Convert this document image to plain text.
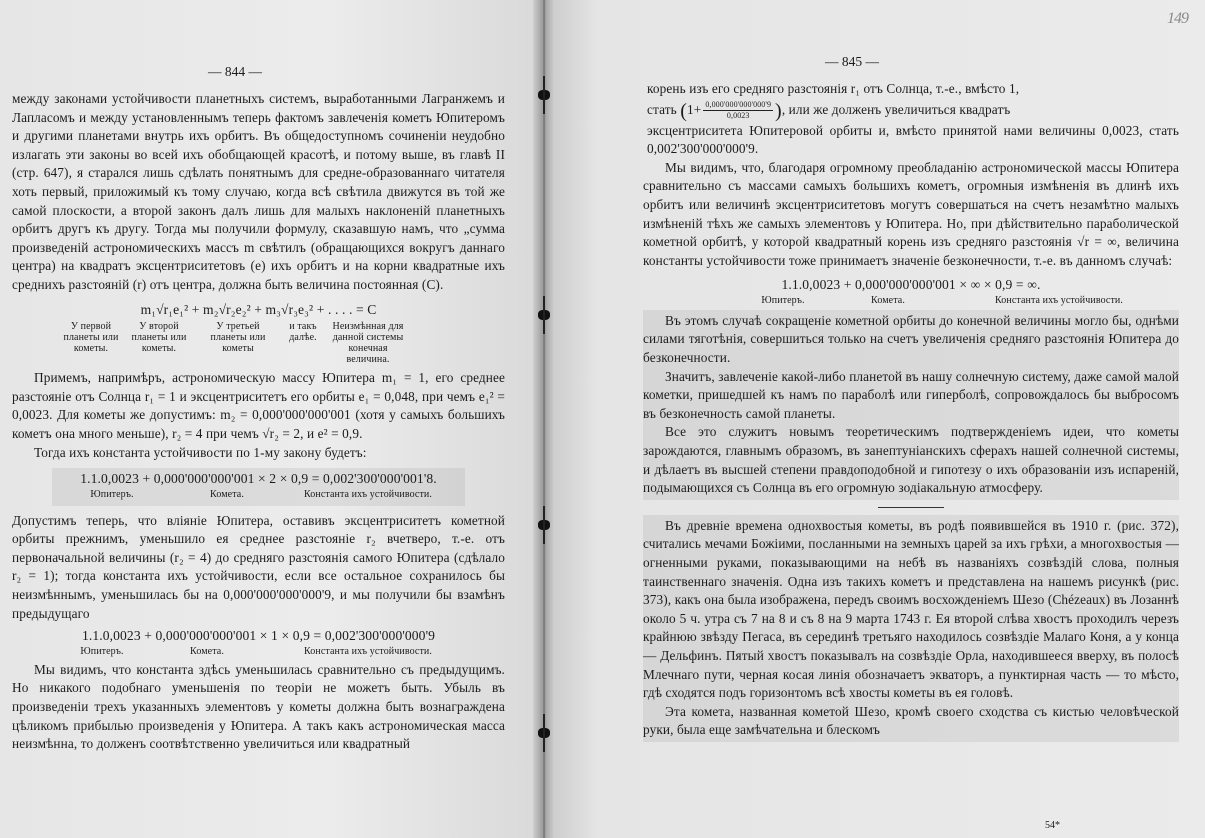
— 844 —

между законами устойчивости планетныхъ системъ, выработанными Лагранжемъ и Лапласомъ и между установленнымъ теперь фактомъ завлеченія кометъ Юпитеромъ и другими планетами внутрь ихъ орбитъ. Въ общедоступномъ сочиненіи неудобно излагать эти законы во всей ихъ обобщающей красотѣ, и потому выше, въ главѣ II (стр. 647), я старался лишь сдѣлать понятнымъ для средне-образованнаго читателя хоть первый, приложимый къ тому случаю, когда всѣ свѣтила движутся въ той же самой плоскости, а второй законъ далъ лишь для малыхъ наклоненій планетныхъ орбитъ другъ къ другу. Тогда мы получили формулу, сказавшую намъ, что „сумма произведеній астрономическихъ массъ m свѣтилъ (обращающихся вокругъ даннаго центра) на квадратъ эксцентриситетовъ (e) ихъ орбитъ и на корни квадратные ихъ среднихъ разстояній (r) отъ центра, должна быть величина постоянная (C).

m₁√r₁e₁² + m₂√r₂e₂² + m₃√r₃e₃² + . . . . = C
У первой планеты или кометы.
У второй планеты или кометы.
У третьей планеты или кометы
и такъ далѣе.
Неизмѣнная для данной системы конечная величина.

Примемъ, напримѣръ, астрономическую массу Юпитера m₁ = 1, его среднее разстояніе отъ Солнца r₁ = 1 и эксцентриситетъ его орбиты e₁ = 0,048, при чемъ e₁² = 0,0023. Для кометы же допустимъ: m₂ = 0,000'000'000'001 (хотя у самыхъ большихъ кометъ она много меньше), r₂ = 4 при чемъ √r₂ = 2, и e² = 0,9.

Тогда ихъ константа устойчивости по 1-му закону будетъ:

1.1.0,0023 + 0,000'000'000'001 × 2 × 0,9 = 0,002'300'000'001'8.
Юпитеръ.	Комета.	Константа ихъ устойчивости.

Допустимъ теперь, что вліяніе Юпитера, оставивъ эксцентриситетъ кометной орбиты прежнимъ, уменьшило ея среднее разстояніе r₂ вчетверо, т.-е. отъ первоначальной величины (r₂ = 4) до средняго разстоянія самого Юпитера (сдѣлало r₂ = 1); тогда константа ихъ устойчивости, если все остальное сохранилось бы неизмѣннымъ, уменьшилась бы на 0,000'000'000'000'9, и мы получили бы взамѣнъ предыдущаго

1.1.0,0023 + 0,000'000'000'001 × 1 × 0,9 = 0,002'300'000'000'9
Юпитеръ.	Комета.	Константа ихъ устойчивости.

Мы видимъ, что константа здѣсь уменьшилась сравнительно съ предыдущимъ. Но никакого подобнаго уменьшенія по теоріи не можетъ быть. Убыль въ произведеніи трехъ указанныхъ элементовъ у кометы должна быть вознаграждена цѣликомъ прибылью произведенія у Юпитера. А такъ какъ астрономическая масса неизмѣнна, то долженъ соотвѣтственно увеличиться или квадратный

— 845 —
149

корень изъ его средняго разстоянія r₁ отъ Солнца, т.-е., вмѣсто 1,

стать ($1+ \frac{0,000'000'000'000'9}{0,0023}$ ), или же долженъ увеличиться квадратъ

эксцентриситета Юпитеровой орбиты и, вмѣсто принятой нами величины 0,0023, стать 0,002'300'000'000'9.

Мы видимъ, что, благодаря огромному преобладанію астрономической массы Юпитера сравнительно съ массами самыхъ большихъ кометъ, огромныя измѣненія въ длинѣ ихъ орбитъ или величинѣ эксцентриситетовъ могутъ совершаться на счетъ незамѣтно малыхъ измѣненій тѣхъ же самыхъ элементовъ у Юпитера. Но, при дѣйствительно параболической кометной орбитѣ, у которой квадратный корень изъ средняго разстоянія √r = ∞, величина константы устойчивости тоже принимаетъ значеніе безконечности, т.-е. въ данномъ случаѣ:

1.1.0,0023 + 0,000'000'000'001 × ∞ × 0,9 = ∞.
Юпитеръ.	Комета.	Константа ихъ устойчивости.

Въ этомъ случаѣ сокращеніе кометной орбиты до конечной величины могло бы, однѣми силами тяготѣнія, совершиться только на счетъ увеличенія средняго разстоянія Юпитера до безконечности.

Значитъ, завлеченіе какой-либо планетой въ нашу солнечную систему, даже самой малой кометки, пришедшей къ намъ по параболѣ или гиперболѣ, сопровождалось бы выбросомъ въ безконечность самой планеты.

Все это служитъ новымъ теоретическимъ подтвержденіемъ идеи, что кометы зарождаются, главнымъ образомъ, въ занептуніанскихъ сферахъ нашей солнечной системы, и дѣлаетъ въ высшей степени правдоподобной и гипотезу о ихъ образованіи изъ испареній, подымающихся съ Солнца въ его огромную зодіакальную атмосферу.

Въ древніе времена однохвостыя кометы, въ родѣ появившейся въ 1910 г. (рис. 372), считались мечами Божіими, посланными на земныхъ царей за ихъ грѣхи, а многохвостыя — огненными руками, показывающими на небѣ въ названіяхъ созвѣздій слова, полныя таинственнаго значенія. Одна изъ такихъ кометъ и представлена на нашемъ рисункѣ (рис. 373), какъ она была изображена, передъ своимъ восхожденіемъ Шезо (Chézeaux) въ Лозаннѣ около 5 ч. утра съ 7 на 8 и съ 8 на 9 марта 1743 г. Ея второй слѣва хвостъ проходилъ черезъ крайнюю звѣзду Пегаса, въ серединѣ третьяго находилось созвѣздіе Малаго Коня, а у конца — Дельфинъ. Пятый хвостъ показывалъ на созвѣздіе Орла, находившееся вверху, въ полосѣ Млечнаго пути, черная косая линія обозначаетъ экваторъ, а пунктирная часть — то мѣсто, гдѣ сходятся подъ горизонтомъ всѣ хвосты кометы въ ея головѣ.

Эта комета, названная кометой Шезо, кромѣ своего сходства съ кистью человѣческой руки, была еще замѣчательна и блескомъ

54*
